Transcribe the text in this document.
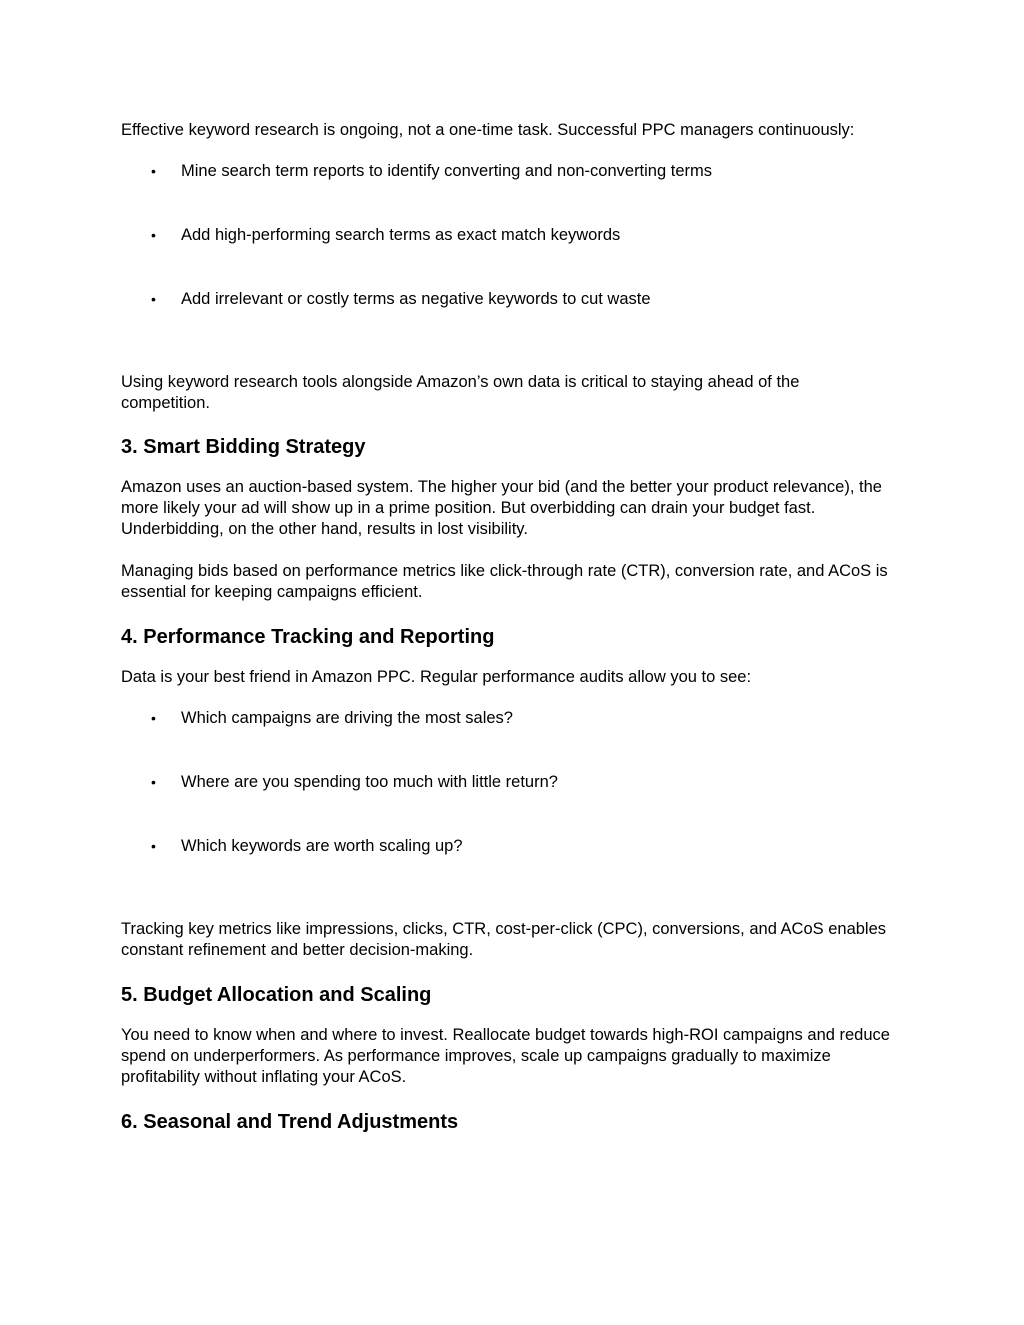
Effective keyword research is ongoing, not a one-time task. Successful PPC managers continuously:

• Mine search term reports to identify converting and non-converting terms
• Add high-performing search terms as exact match keywords
• Add irrelevant or costly terms as negative keywords to cut waste

Using keyword research tools alongside Amazon’s own data is critical to staying ahead of the competition.

3. Smart Bidding Strategy

Amazon uses an auction-based system. The higher your bid (and the better your product relevance), the more likely your ad will show up in a prime position. But overbidding can drain your budget fast. Underbidding, on the other hand, results in lost visibility.

Managing bids based on performance metrics like click-through rate (CTR), conversion rate, and ACoS is essential for keeping campaigns efficient.

4. Performance Tracking and Reporting

Data is your best friend in Amazon PPC. Regular performance audits allow you to see:

• Which campaigns are driving the most sales?
• Where are you spending too much with little return?
• Which keywords are worth scaling up?

Tracking key metrics like impressions, clicks, CTR, cost-per-click (CPC), conversions, and ACoS enables constant refinement and better decision-making.

5. Budget Allocation and Scaling

You need to know when and where to invest. Reallocate budget towards high-ROI campaigns and reduce spend on underperformers. As performance improves, scale up campaigns gradually to maximize profitability without inflating your ACoS.

6. Seasonal and Trend Adjustments
